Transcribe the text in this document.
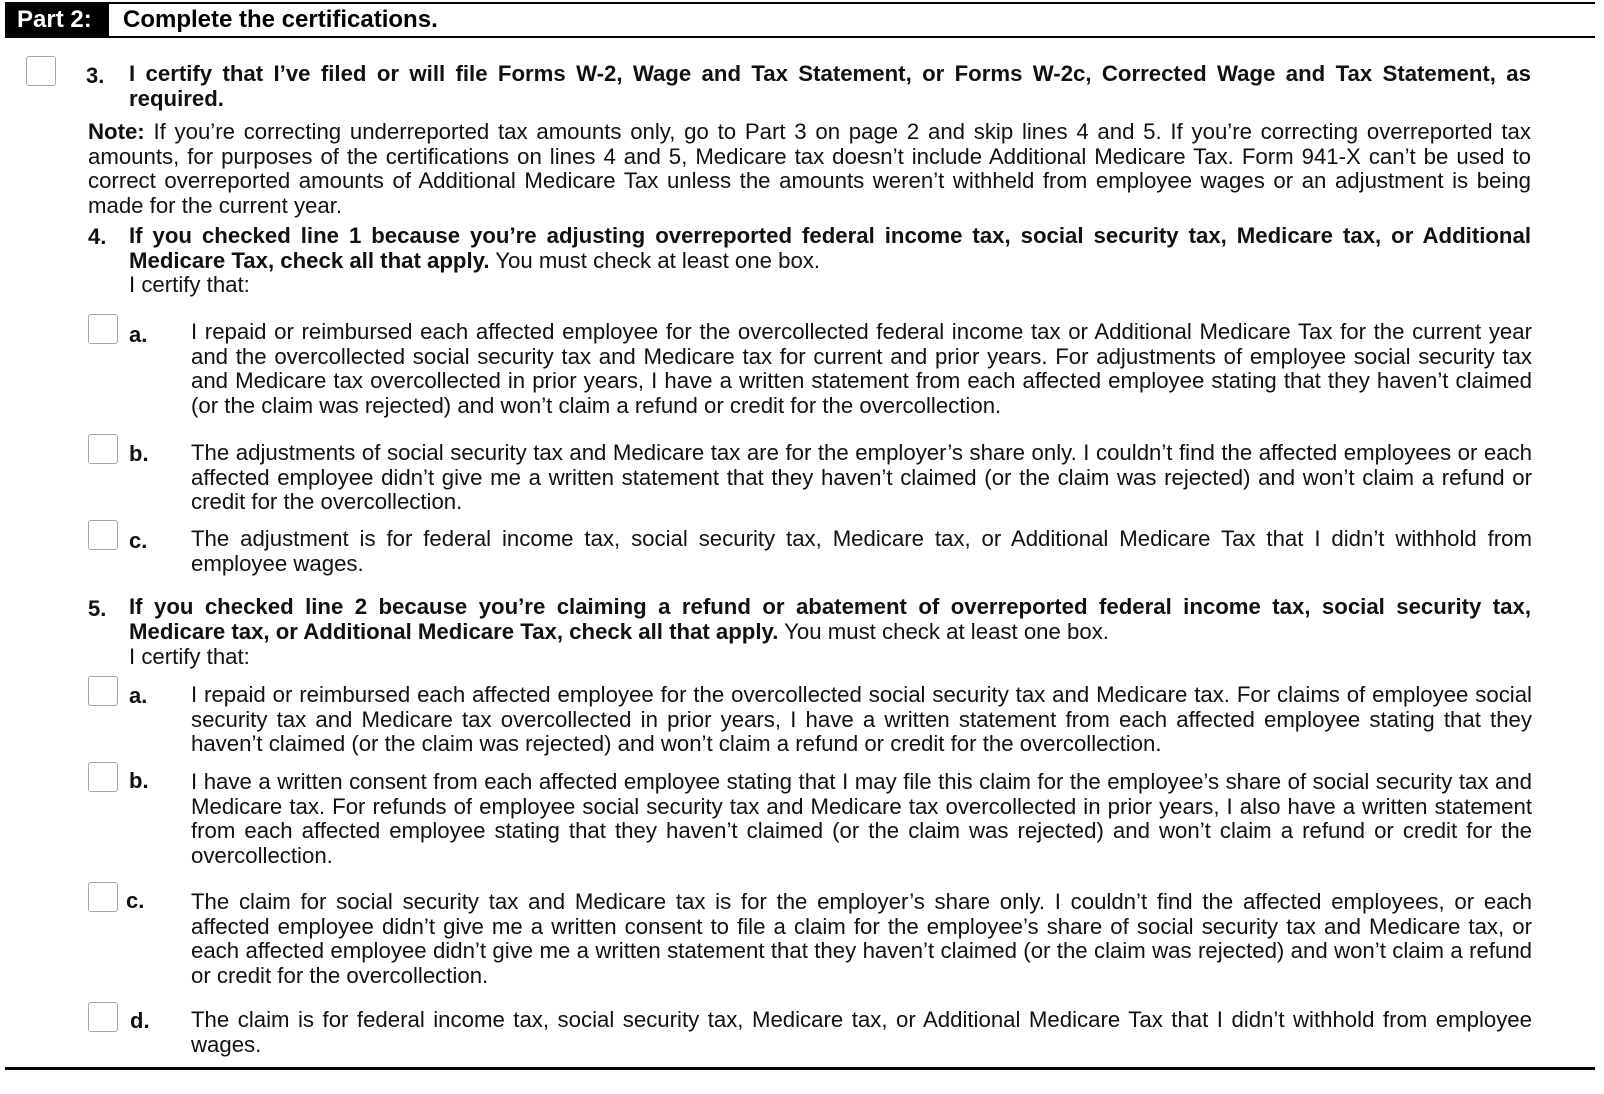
Part 2:	Complete the certifications.
3. I certify that I’ve filed or will file Forms W-2, Wage and Tax Statement, or Forms W-2c, Corrected Wage and Tax Statement, as required.
Note: If you’re correcting underreported tax amounts only, go to Part 3 on page 2 and skip lines 4 and 5. If you’re correcting overreported tax amounts, for purposes of the certifications on lines 4 and 5, Medicare tax doesn’t include Additional Medicare Tax. Form 941-X can’t be used to correct overreported amounts of Additional Medicare Tax unless the amounts weren’t withheld from employee wages or an adjustment is being made for the current year.
4. If you checked line 1 because you’re adjusting overreported federal income tax, social security tax, Medicare tax, or Additional Medicare Tax, check all that apply. You must check at least one box.
I certify that:
a. I repaid or reimbursed each affected employee for the overcollected federal income tax or Additional Medicare Tax for the current year and the overcollected social security tax and Medicare tax for current and prior years. For adjustments of employee social security tax and Medicare tax overcollected in prior years, I have a written statement from each affected employee stating that they haven’t claimed (or the claim was rejected) and won’t claim a refund or credit for the overcollection.
b. The adjustments of social security tax and Medicare tax are for the employer’s share only. I couldn’t find the affected employees or each affected employee didn’t give me a written statement that they haven’t claimed (or the claim was rejected) and won’t claim a refund or credit for the overcollection.
c. The adjustment is for federal income tax, social security tax, Medicare tax, or Additional Medicare Tax that I didn’t withhold from employee wages.
5. If you checked line 2 because you’re claiming a refund or abatement of overreported federal income tax, social security tax, Medicare tax, or Additional Medicare Tax, check all that apply. You must check at least one box.
I certify that:
a. I repaid or reimbursed each affected employee for the overcollected social security tax and Medicare tax. For claims of employee social security tax and Medicare tax overcollected in prior years, I have a written statement from each affected employee stating that they haven’t claimed (or the claim was rejected) and won’t claim a refund or credit for the overcollection.
b. I have a written consent from each affected employee stating that I may file this claim for the employee’s share of social security tax and Medicare tax. For refunds of employee social security tax and Medicare tax overcollected in prior years, I also have a written statement from each affected employee stating that they haven’t claimed (or the claim was rejected) and won’t claim a refund or credit for the overcollection.
c. The claim for social security tax and Medicare tax is for the employer’s share only. I couldn’t find the affected employees, or each affected employee didn’t give me a written consent to file a claim for the employee’s share of social security tax and Medicare tax, or each affected employee didn’t give me a written statement that they haven’t claimed (or the claim was rejected) and won’t claim a refund or credit for the overcollection.
d. The claim is for federal income tax, social security tax, Medicare tax, or Additional Medicare Tax that I didn’t withhold from employee wages.
